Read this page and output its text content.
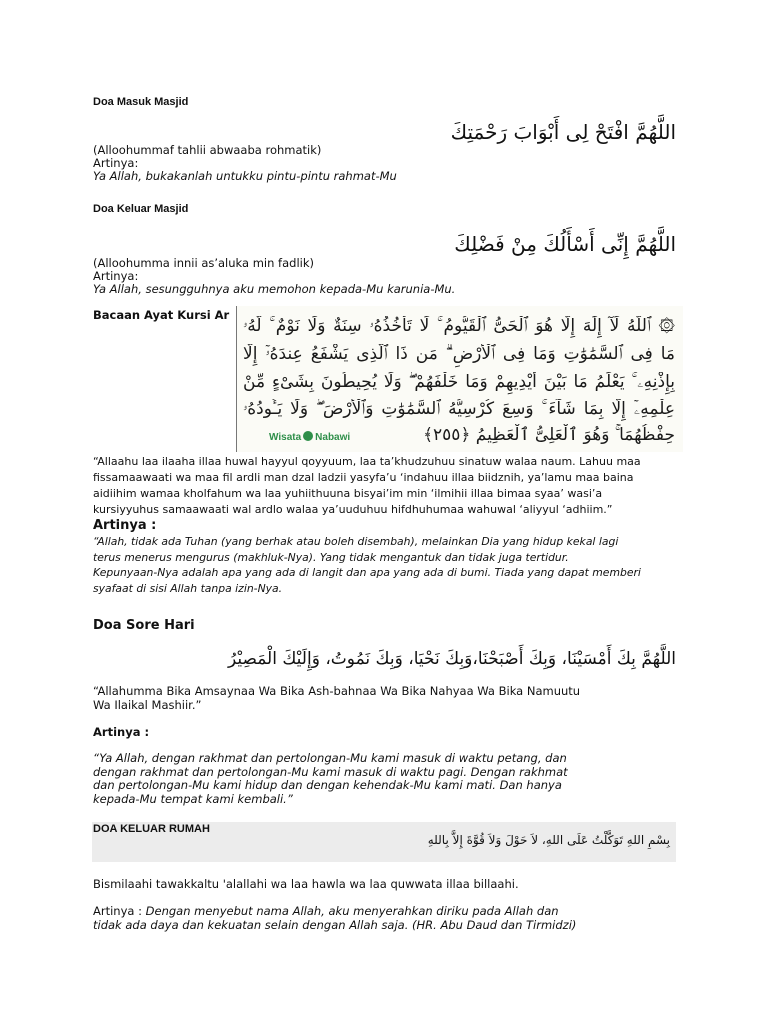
Doa Masuk Masjid
اللَّهُمَّ افْتَحْ لِى أَبْوَابَ رَحْمَتِكَ
(Alloohummaf tahlii abwaaba rohmatik)
Artinya:
Ya Allah, bukakanlah untukku pintu-pintu rahmat-Mu
Doa Keluar Masjid
اللَّهُمَّ إِنِّى أَسْأَلُكَ مِنْ فَضْلِكَ
(Alloohumma innii as’aluka min fadlik)
Artinya:
Ya Allah, sesungguhnya aku memohon kepada-Mu karunia-Mu.
Bacaan Ayat Kursi Ar
۞ ٱللَّهُ لَآ إِلَٰهَ إِلَّا هُوَ ٱلْحَىُّ ٱلْقَيُّومُ ۚ لَا تَأْخُذُهُۥ سِنَةٌ وَلَا نَوْمٌ ۚ لَّهُۥ
مَا فِى ٱلسَّمَٰوَٰتِ وَمَا فِى ٱلْأَرْضِ ۗ مَن ذَا ٱلَّذِى يَشْفَعُ عِندَهُۥٓ إِلَّا
بِإِذْنِهِۦ ۚ يَعْلَمُ مَا بَيْنَ أَيْدِيهِمْ وَمَا خَلْفَهُمْ ۖ وَلَا يُحِيطُونَ بِشَىْءٍ مِّنْ
عِلْمِهِۦٓ إِلَّا بِمَا شَآءَ ۚ وَسِعَ كُرْسِيُّهُ ٱلسَّمَٰوَٰتِ وَٱلْأَرْضَ ۖ وَلَا يَـُٔودُهُۥ
حِفْظُهُمَا ۚ وَهُوَ ٱلْعَلِىُّ ٱلْعَظِيمُ ﴿٢٥٥﴾
Wisata Nabawi
“Allaahu laa ilaaha illaa huwal hayyul qoyyuum, laa ta’khudzuhuu sinatuw walaa naum. Lahuu maa
fissamaawaati wa maa fil ardli man dzal ladzii yasyfa’u ‘indahuu illaa biidznih, ya’lamu maa baina
aidiihim wamaa kholfahum wa laa yuhiithuuna bisyai’im min ‘ilmihii illaa bimaa syaa’ wasi’a
kursiyyuhus samaawaati wal ardlo walaa ya’uuduhuu hifdhuhumaa wahuwal ‘aliyyul ‘adhiim.”
Artinya :
“Allah, tidak ada Tuhan (yang berhak atau boleh disembah), melainkan Dia yang hidup kekal lagi
terus menerus mengurus (makhluk-Nya). Yang tidak mengantuk dan tidak juga tertidur.
Kepunyaan-Nya adalah apa yang ada di langit dan apa yang ada di bumi. Tiada yang dapat memberi
syafaat di sisi Allah tanpa izin-Nya.
Doa Sore Hari
اللَّهُمَّ بِكَ أَمْسَيْنَا، وَبِكَ أَصْبَحْنَا،وَبِكَ نَحْيَا، وَبِكَ نَمُوتُ، وَإِلَيْكَ الْمَصِيْرُ
“Allahumma Bika Amsaynaa Wa Bika Ash-bahnaa Wa Bika Nahyaa Wa Bika Namuutu
Wa Ilaikal Mashiir.”
Artinya :
“Ya Allah, dengan rakhmat dan pertolongan-Mu kami masuk di waktu petang, dan
dengan rakhmat dan pertolongan-Mu kami masuk di waktu pagi. Dengan rakhmat
dan pertolongan-Mu kami hidup dan dengan kehendak-Mu kami mati. Dan hanya
kepada-Mu tempat kami kembali.”
DOA KELUAR RUMAH
بِسْمِ اللهِ تَوَكَّلْتُ عَلَى اللهِ، لاَ حَوْلَ وَلاَ قُوَّةَ إِلاَّ بِاللهِ
Bismilaahi tawakkaltu 'alallahi wa laa hawla wa laa quwwata illaa billaahi.
Artinya : Dengan menyebut nama Allah, aku menyerahkan diriku pada Allah dan
tidak ada daya dan kekuatan selain dengan Allah saja. (HR. Abu Daud dan Tirmidzi)
